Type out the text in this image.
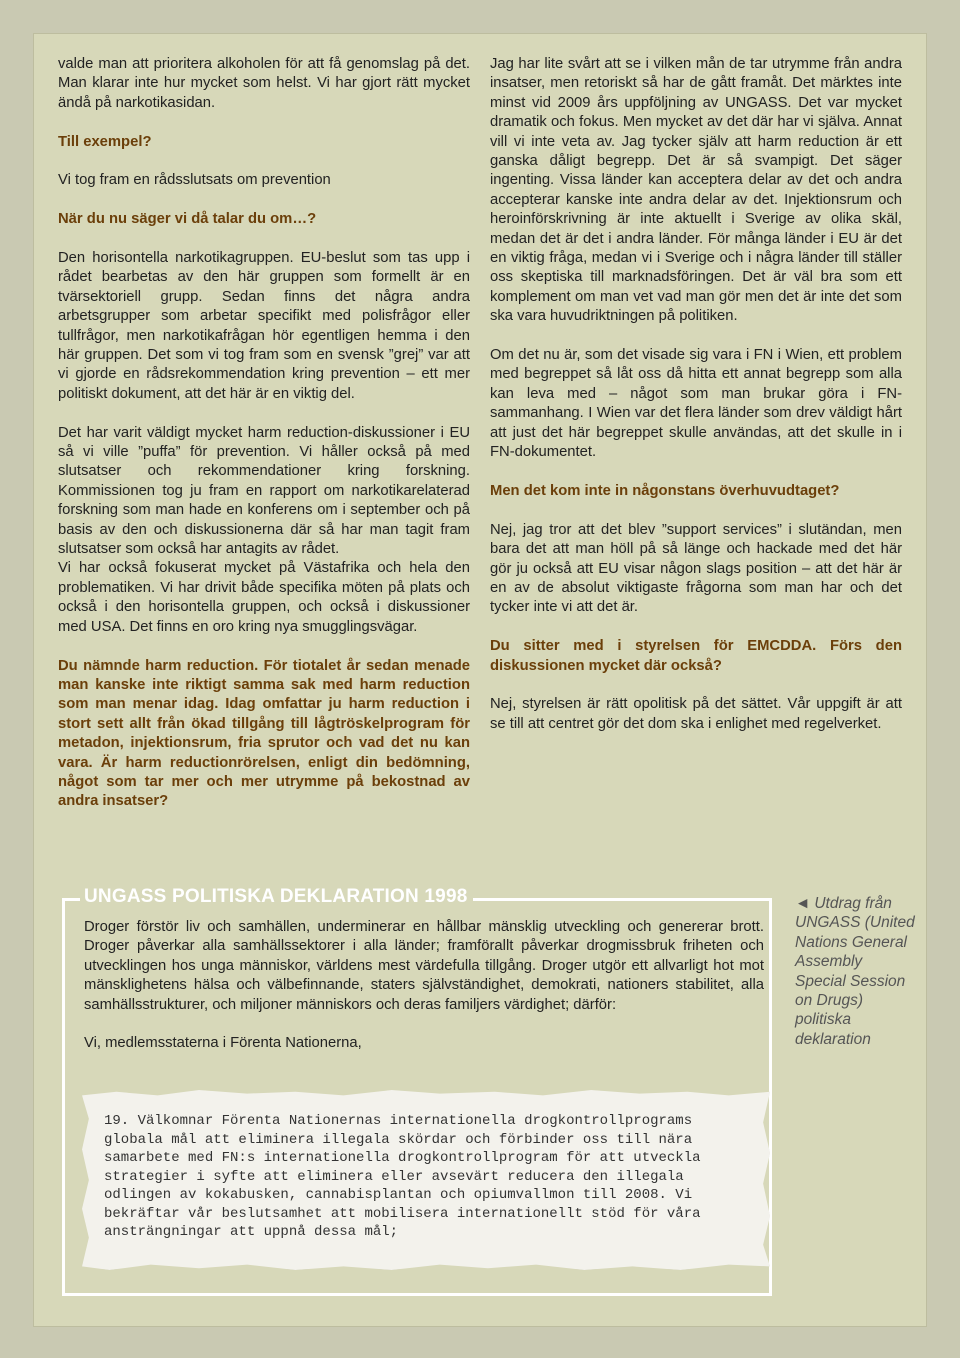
valde man att prioritera alkoholen för att få genomslag på det. Man klarar inte hur mycket som helst. Vi har gjort rätt mycket ändå på narkotikasidan.

Till exempel?

Vi tog fram en rådsslutsats om prevention

När du nu säger vi då talar du om…?

Den horisontella narkotikagruppen. EU-beslut som tas upp i rådet bearbetas av den här gruppen som formellt är en tvärsektoriell grupp. Sedan finns det några andra arbetsgrupper som arbetar specifikt med polisfrågor eller tullfrågor, men narkotikafrågan hör egentligen hemma i den här gruppen. Det som vi tog fram som en svensk ”grej” var att vi gjorde en rådsrekommendation kring prevention – ett mer politiskt dokument, att det här är en viktig del.

Det har varit väldigt mycket harm reduction-diskussioner i EU så vi ville ”puffa” för prevention. Vi håller också på med slutsatser och rekommendationer kring forskning. Kommissionen tog ju fram en rapport om narkotikarelaterad forskning som man hade en konferens om i september och på basis av den och diskussionerna där så har man tagit fram slutsatser som också har antagits av rådet.

Vi har också fokuserat mycket på Västafrika och hela den problematiken. Vi har drivit både specifika möten på plats och också i den horisontella gruppen, och också i diskussioner med USA. Det finns en oro kring nya smugglingsvägar.

Du nämnde harm reduction. För tiotalet år sedan menade man kanske inte riktigt samma sak med harm reduction som man menar idag. Idag omfattar ju harm reduction i stort sett allt från ökad tillgång till lågtröskelprogram för metadon, injektionsrum, fria sprutor och vad det nu kan vara. Är harm reductionrörelsen, enligt din bedömning, något som tar mer och mer utrymme på bekostnad av andra insatser?

Jag har lite svårt att se i vilken mån de tar utrymme från andra insatser, men retoriskt så har de gått framåt. Det märktes inte minst vid 2009 års uppföljning av UNGASS. Det var mycket dramatik och fokus. Men mycket av det där har vi själva. Annat vill vi inte veta av. Jag tycker själv att harm reduction är ett ganska dåligt begrepp. Det är så svampigt. Det säger ingenting. Vissa länder kan acceptera delar av det och andra accepterar kanske inte andra delar av det. Injektionsrum och heroinförskrivning är inte aktuellt i Sverige av olika skäl, medan det är det i andra länder. För många länder i EU är det en viktig fråga, medan vi i Sverige och i några länder till ställer oss skeptiska till marknadsföringen. Det är väl bra som ett komplement om man vet vad man gör men det är inte det som ska vara huvudriktningen på politiken.

Om det nu är, som det visade sig vara i FN i Wien, ett problem med begreppet så låt oss då hitta ett annat begrepp som alla kan leva med – något som man brukar göra i FN-sammanhang. I Wien var det flera länder som drev väldigt hårt att just det här begreppet skulle användas, att det skulle in i FN-dokumentet.

Men det kom inte in någonstans överhuvudtaget?

Nej, jag tror att det blev ”support services” i slutändan, men bara det att man höll på så länge och hackade med det här gör ju också att EU visar någon slags position – att det här är en av de absolut viktigaste frågorna som man har och det tycker inte vi att det är.

Du sitter med i styrelsen för EMCDDA. Förs den diskussionen mycket där också?

Nej, styrelsen är rätt opolitisk på det sättet. Vår uppgift är att se till att centret gör det dom ska i enlighet med regelverket.

UNGASS POLITISKA DEKLARATION 1998

Droger förstör liv och samhällen, underminerar en hållbar mänsklig utveckling och genererar brott. Droger påverkar alla samhällssektorer i alla länder; framförallt påverkar drogmissbruk friheten och utvecklingen hos unga människor, världens mest värdefulla tillgång. Droger utgör ett allvarligt hot mot mänsklighetens hälsa och välbefinnande, staters självständighet, demokrati, nationers stabilitet, alla samhällsstrukturer, och miljoner människors och deras familjers värdighet; därför:

Vi, medlemsstaterna i Förenta Nationerna,

19. Välkomnar Förenta Nationernas internationella drogkontrollprograms globala mål att eliminera illegala skördar och förbinder oss till nära samarbete med FN:s internationella drogkontrollprogram för att utveckla strategier i syfte att eliminera eller avsevärt reducera den illegala odlingen av kokabusken, cannabisplantan och opiumvallmon till 2008. Vi bekräftar vår beslutsamhet att mobilisera internationellt stöd för våra ansträngningar att uppnå dessa mål;
◄ Utdrag från UNGASS (United Nations General Assembly Special Session on Drugs) politiska deklaration
